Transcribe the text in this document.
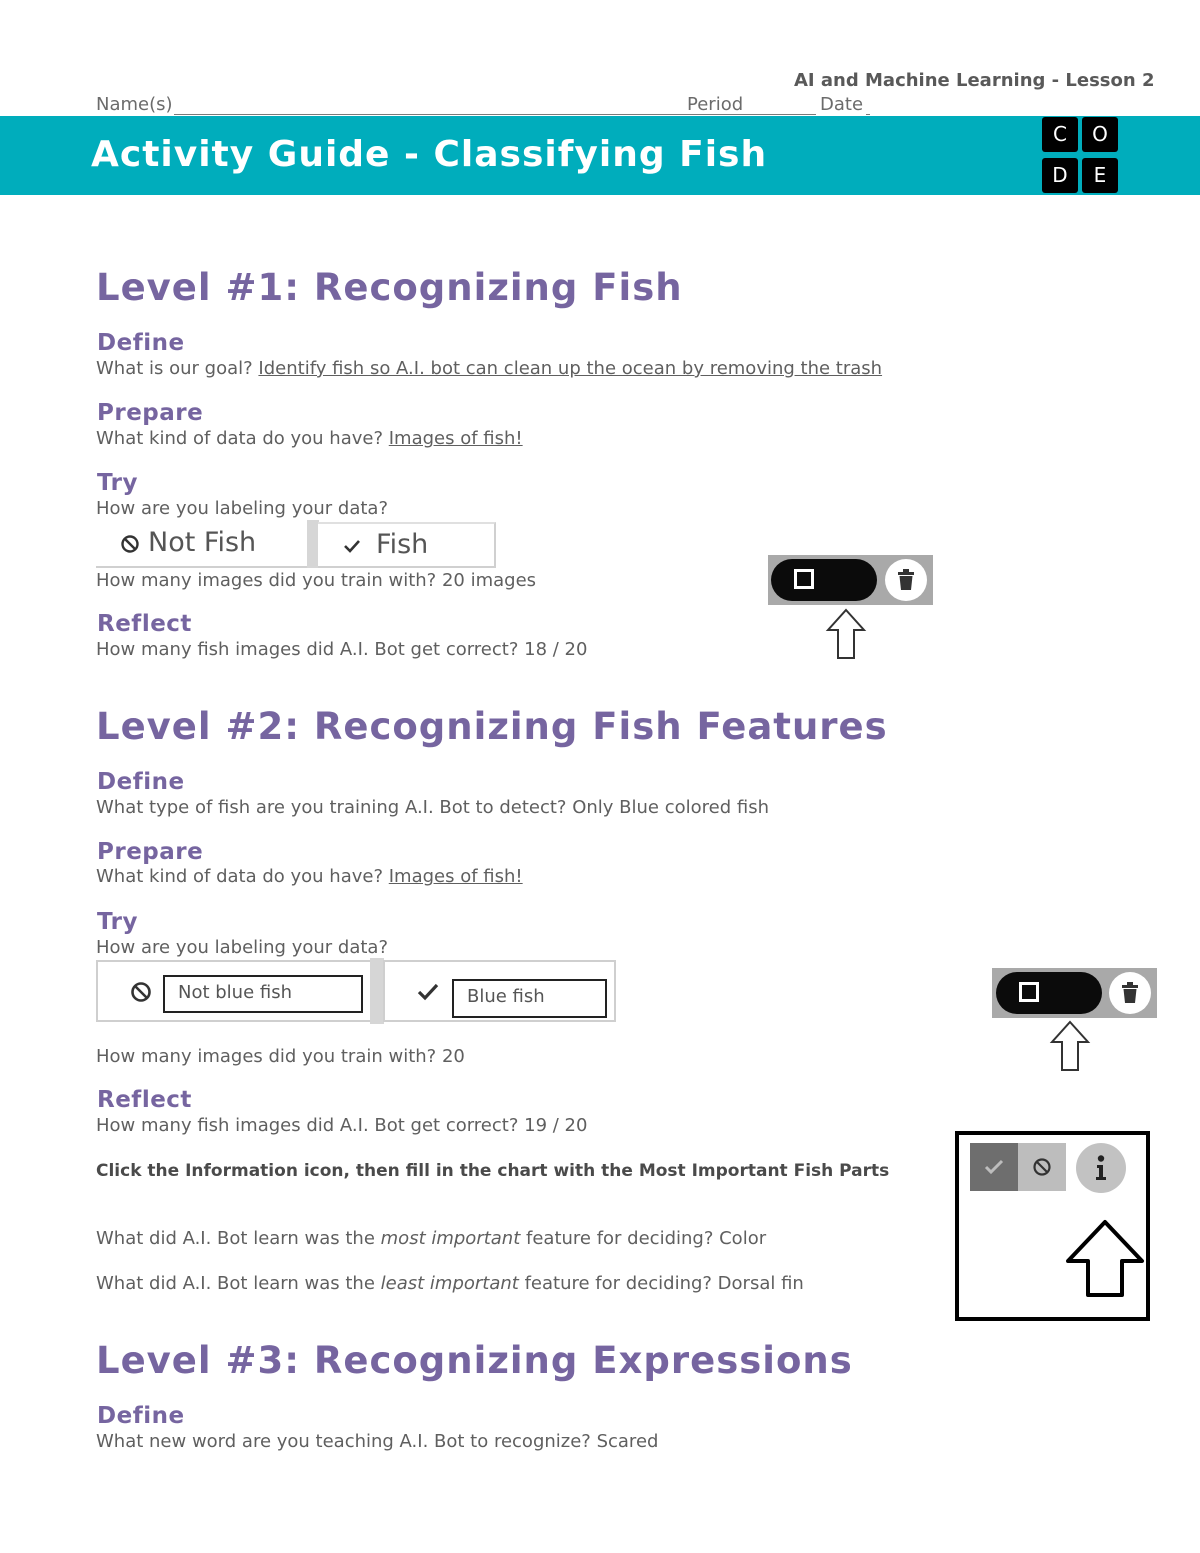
AI and Machine Learning - Lesson 2
Name(s)	Period	Date
Activity Guide - Classifying Fish	C	O
D	E
Level #1: Recognizing Fish
Define
What is our goal? Identify fish so A.I. bot can clean up the ocean by removing the trash
Prepare
What kind of data do you have? Images of fish!
Try
How are you labeling your data?
Not Fish	Fish
How many images did you train with? 20 images
Reflect
How many fish images did A.I. Bot get correct? 18 / 20
Level #2: Recognizing Fish Features
Define
What type of fish are you training A.I. Bot to detect? Only Blue colored fish
Prepare
What kind of data do you have? Images of fish!
Try
How are you labeling your data?
Not blue fish	Blue fish
How many images did you train with? 20
Reflect
How many fish images did A.I. Bot get correct? 19 / 20
Click the Information icon, then fill in the chart with the Most Important Fish Parts
What did A.I. Bot learn was the most important feature for deciding? Color
What did A.I. Bot learn was the least important feature for deciding? Dorsal fin
Level #3: Recognizing Expressions
Define
What new word are you teaching A.I. Bot to recognize? Scared
